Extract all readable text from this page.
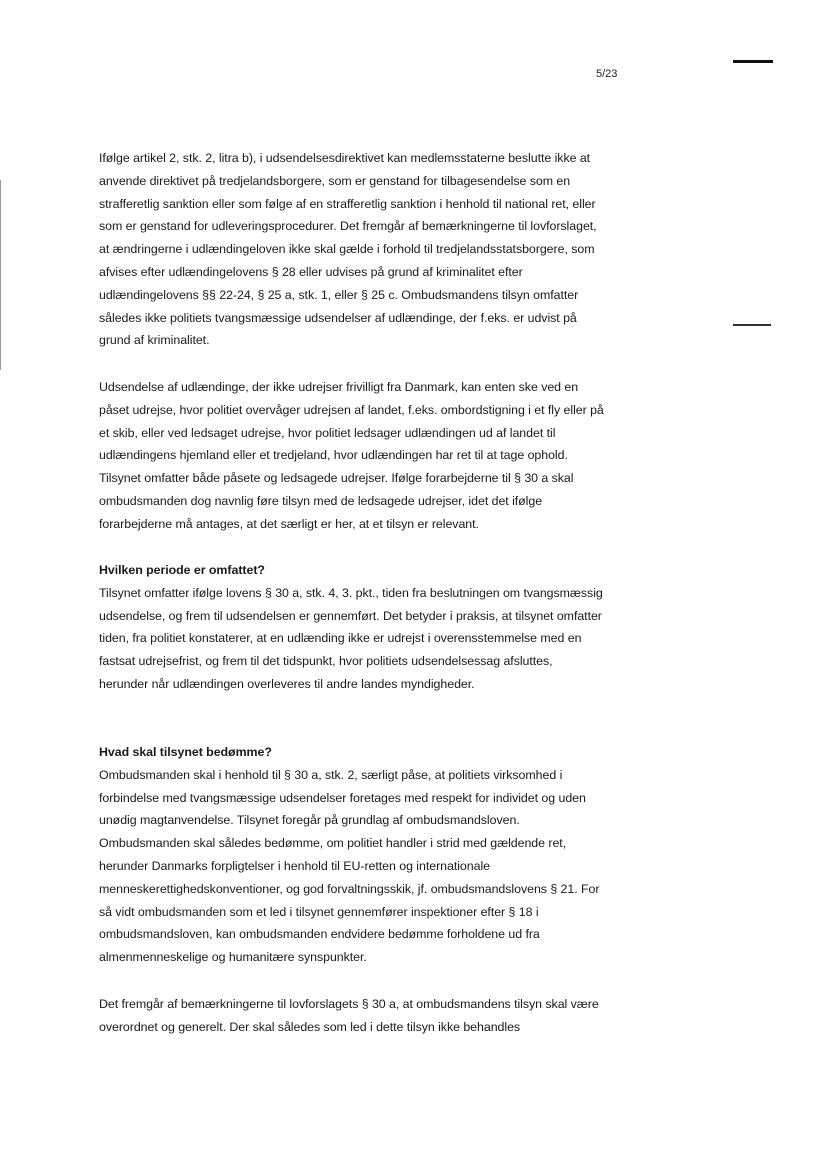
5/23

Ifølge artikel 2, stk. 2, litra b), i udsendelsesdirektivet kan medlemsstaterne beslutte ikke at anvende direktivet på tredjelandsborgere, som er genstand for tilbagesendelse som en strafferetlig sanktion eller som følge af en strafferetlig sanktion i henhold til national ret, eller som er genstand for udleveringsprocedurer. Det fremgår af bemærkningerne til lovforslaget, at ændringerne i udlændingeloven ikke skal gælde i forhold til tredjelandsstatsborgere, som afvises efter udlændingelovens § 28 eller udvises på grund af kriminalitet efter udlændingelovens §§ 22-24, § 25 a, stk. 1, eller § 25 c. Ombudsmandens tilsyn omfatter således ikke politiets tvangsmæssige udsendelser af udlændinge, der f.eks. er udvist på grund af kriminalitet.

Udsendelse af udlændinge, der ikke udrejser frivilligt fra Danmark, kan enten ske ved en påset udrejse, hvor politiet overvåger udrejsen af landet, f.eks. ombordstigning i et fly eller på et skib, eller ved ledsaget udrejse, hvor politiet ledsager udlændingen ud af landet til udlændingens hjemland eller et tredjeland, hvor udlændingen har ret til at tage ophold. Tilsynet omfatter både påsete og ledsagede udrejser. Ifølge forarbejderne til § 30 a skal ombudsmanden dog navnlig føre tilsyn med de ledsagede udrejser, idet det ifølge forarbejderne må antages, at det særligt er her, at et tilsyn er relevant.

Hvilken periode er omfattet?

Tilsynet omfatter ifølge lovens § 30 a, stk. 4, 3. pkt., tiden fra beslutningen om tvangsmæssig udsendelse, og frem til udsendelsen er gennemført. Det betyder i praksis, at tilsynet omfatter tiden, fra politiet konstaterer, at en udlænding ikke er udrejst i overensstemmelse med en fastsat udrejsefrist, og frem til det tidspunkt, hvor politiets udsendelsessag afsluttes, herunder når udlændingen overleveres til andre landes myndigheder.

Hvad skal tilsynet bedømme?

Ombudsmanden skal i henhold til § 30 a, stk. 2, særligt påse, at politiets virksomhed i forbindelse med tvangsmæssige udsendelser foretages med respekt for individet og uden unødig magtanvendelse. Tilsynet foregår på grundlag af ombudsmandsloven. Ombudsmanden skal således bedømme, om politiet handler i strid med gældende ret, herunder Danmarks forpligtelser i henhold til EU-retten og internationale menneskerettighedskonventioner, og god forvaltningsskik, jf. ombudsmandslovens § 21. For så vidt ombudsmanden som et led i tilsynet gennemfører inspektioner efter § 18 i ombudsmandsloven, kan ombudsmanden endvidere bedømme forholdene ud fra almenmenneskelige og humanitære synspunkter.

Det fremgår af bemærkningerne til lovforslagets § 30 a, at ombudsmandens tilsyn skal være overordnet og generelt. Der skal således som led i dette tilsyn ikke behandles
